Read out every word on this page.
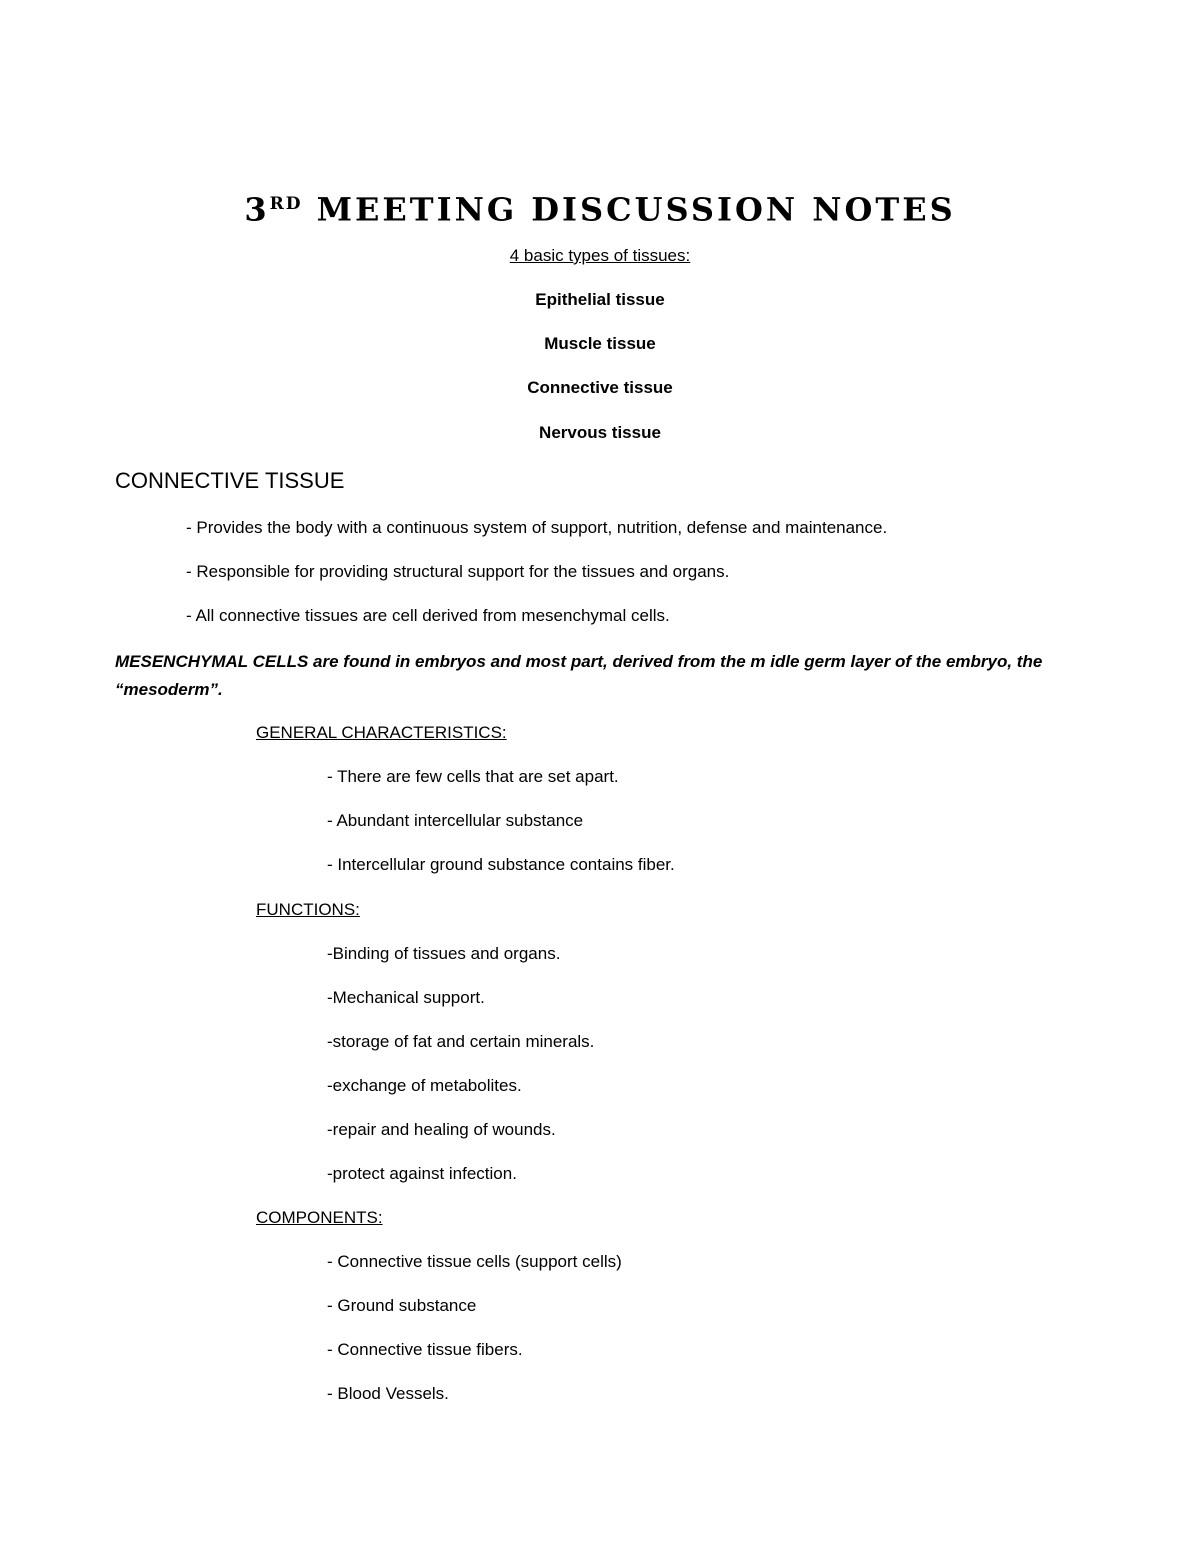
3RD MEETING DISCUSSION NOTES
4 basic types of tissues:
Epithelial tissue
Muscle tissue
Connective tissue
Nervous tissue
CONNECTIVE TISSUE
- Provides the body with a continuous system of support, nutrition, defense and maintenance.
- Responsible for providing structural support for the tissues and organs.
- All connective tissues are cell derived from mesenchymal cells.
MESENCHYMAL CELLS are found in embryos and most part, derived from the m idle germ layer of the embryo, the “mesoderm”.
GENERAL CHARACTERISTICS:
- There are few cells that are set apart.
- Abundant intercellular substance
- Intercellular ground substance contains fiber.
FUNCTIONS:
-Binding of tissues and organs.
-Mechanical support.
-storage of fat and certain minerals.
-exchange of metabolites.
-repair and healing of wounds.
-protect against infection.
COMPONENTS:
- Connective tissue cells (support cells)
- Ground substance
- Connective tissue fibers.
- Blood Vessels.
